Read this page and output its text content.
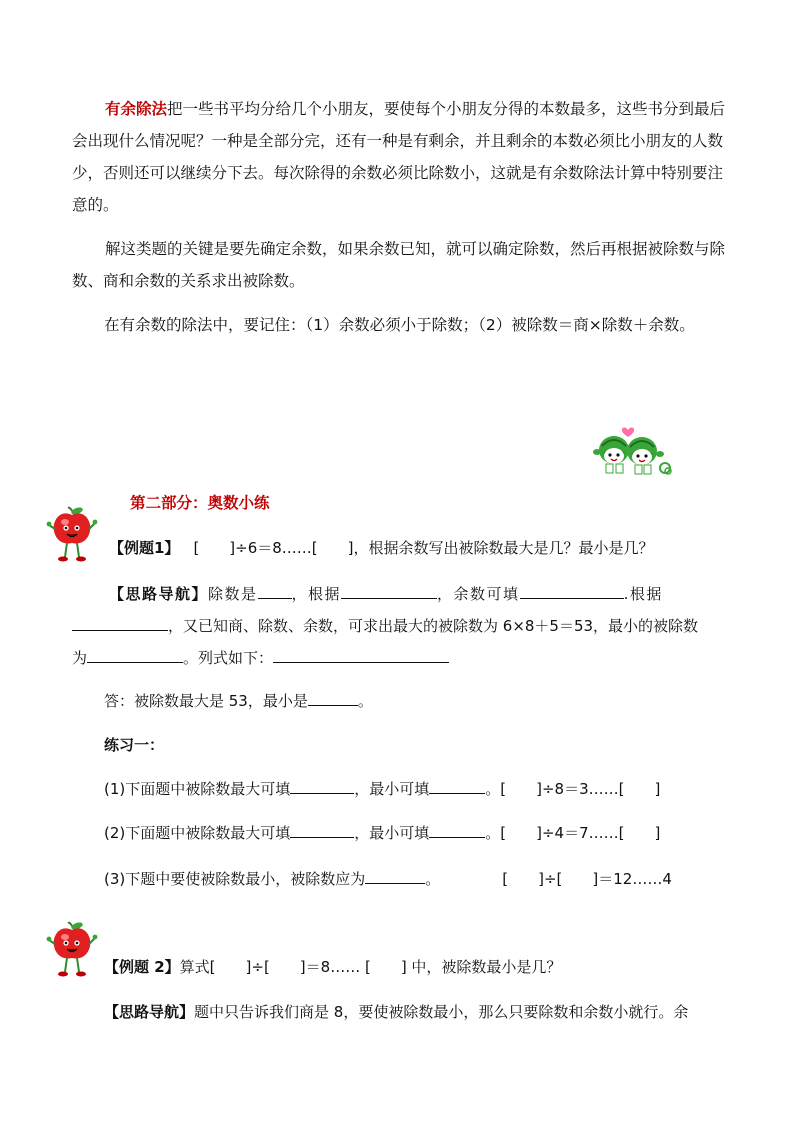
有余除法把一些书平均分给几个小朋友，要使每个小朋友分得的本数最多，这些书分到最后会出现什么情况呢？一种是全部分完，还有一种是有剩余，并且剩余的本数必须比小朋友的人数少，否则还可以继续分下去。每次除得的余数必须比除数小，这就是有余数除法计算中特别要注意的。
解这类题的关键是要先确定余数，如果余数已知，就可以确定除数，然后再根据被除数与除数、商和余数的关系求出被除数。
在有余数的除法中，要记住：（1）余数必须小于除数；（2）被除数＝商×除数＋余数。
第二部分：奥数小练
【例题1】 [　　]÷6＝8……[　　]，根据余数写出被除数最大是几？最小是几？
【思路导航】除数是 ，根据	，余数可填	.根据
，又已知商、除数、余数，可求出最大的被除数为 6×8＋5＝53，最小的被除数
为	。列式如下：
答：被除数最大是 53，最小是	。
练习一：
(1)下面题中被除数最大可填	，最小可填	。[　　]÷8＝3……[　　]
(2)下面题中被除数最大可填	，最小可填	。[　　]÷4＝7……[　　]
(3)下题中要使被除数最小，被除数应为	。	[　　]÷[　　]＝12……4
【例题 2】算式[　　]÷[　　]＝8…… [　　] 中，被除数最小是几？
【思路导航】题中只告诉我们商是 8，要使被除数最小，那么只要除数和余数小就行。余
